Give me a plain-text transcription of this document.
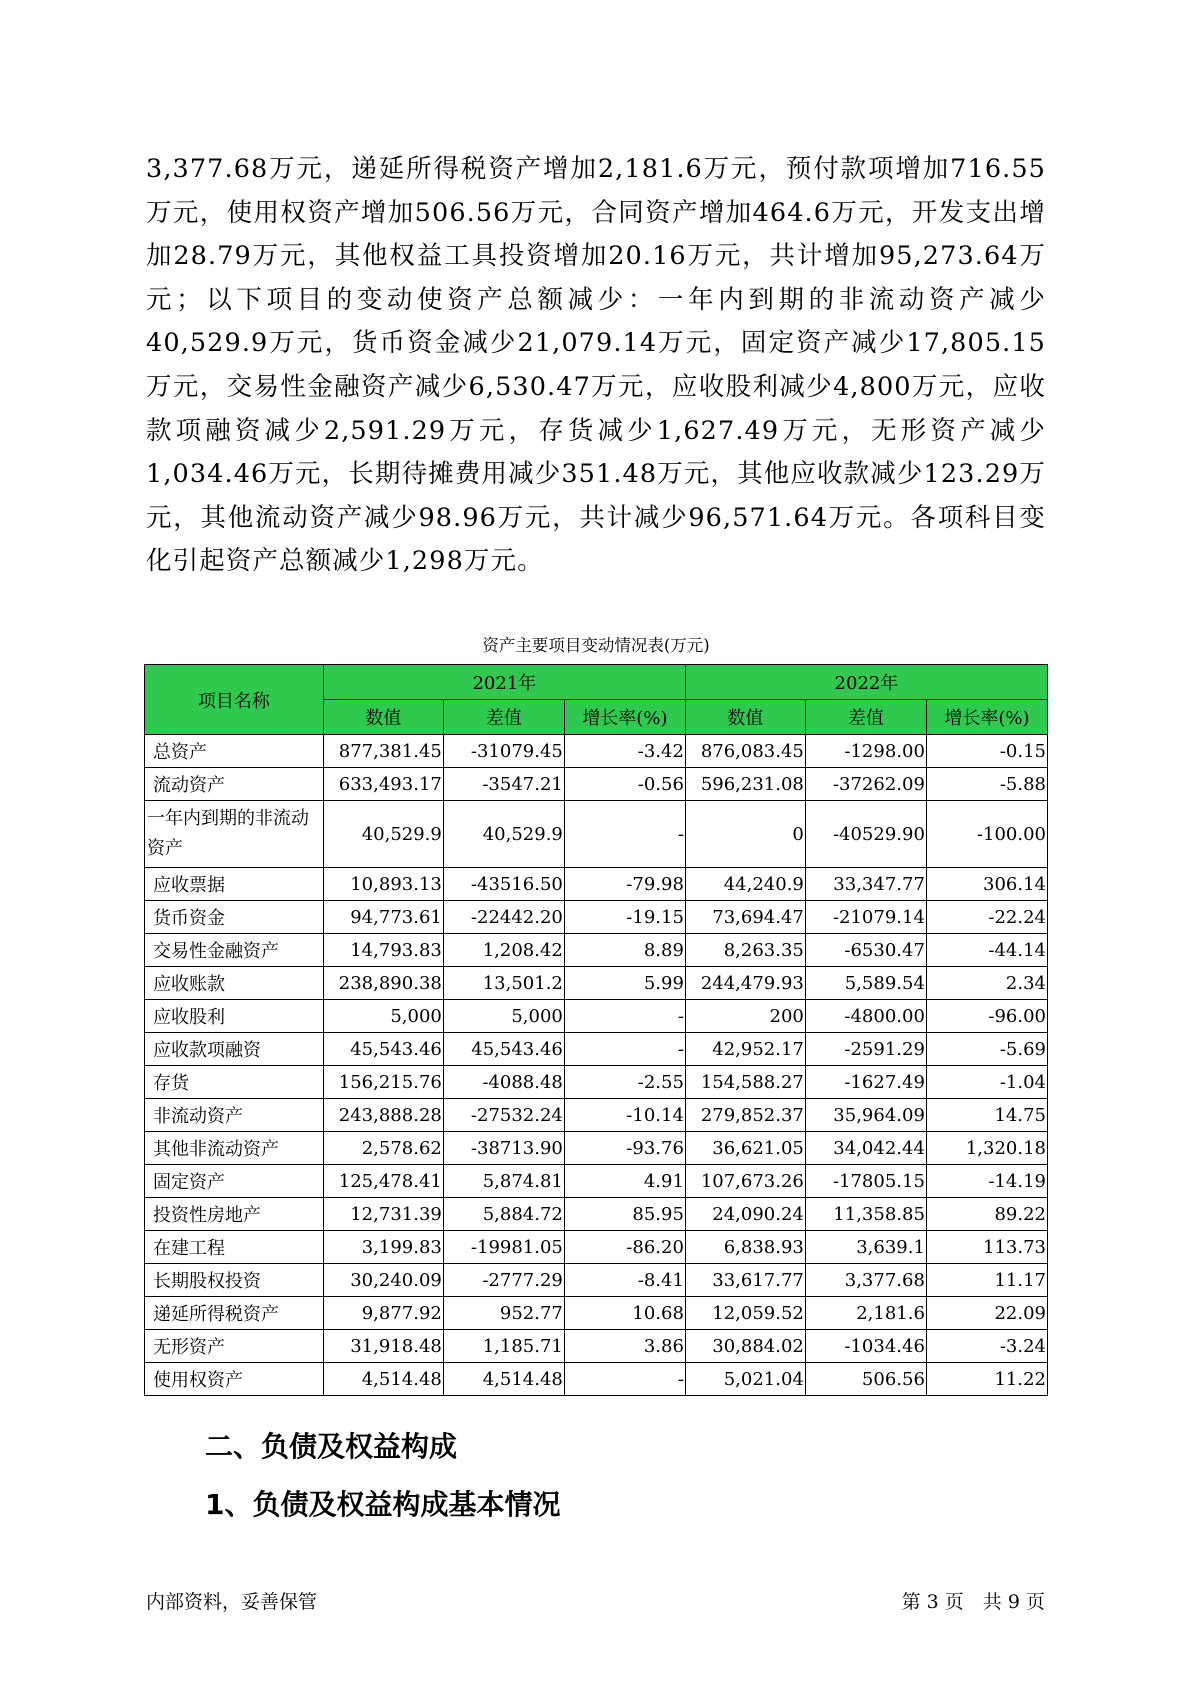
3,377.68万元，递延所得税资产增加2,181.6万元，预付款项增加716.55万元，使用权资产增加506.56万元，合同资产增加464.6万元，开发支出增加28.79万元，其他权益工具投资增加20.16万元，共计增加95,273.64万元；以下项目的变动使资产总额减少：一年内到期的非流动资产减少40,529.9万元，货币资金减少21,079.14万元，固定资产减少17,805.15万元，交易性金融资产减少6,530.47万元，应收股利减少4,800万元，应收款项融资减少2,591.29万元，存货减少1,627.49万元，无形资产减少1,034.46万元，长期待摊费用减少351.48万元，其他应收款减少123.29万元，其他流动资产减少98.96万元，共计减少96,571.64万元。各项科目变化引起资产总额减少1,298万元。

资产主要项目变动情况表(万元)

项目名称	2021年			2022年		
	数值	差值	增长率(%)	数值	差值	增长率(%)
总资产	877,381.45	-31079.45	-3.42	876,083.45	-1298.00	-0.15
流动资产	633,493.17	-3547.21	-0.56	596,231.08	-37262.09	-5.88
一年内到期的非流动资产	40,529.9	40,529.9	-	0	-40529.90	-100.00
应收票据	10,893.13	-43516.50	-79.98	44,240.9	33,347.77	306.14
货币资金	94,773.61	-22442.20	-19.15	73,694.47	-21079.14	-22.24
交易性金融资产	14,793.83	1,208.42	8.89	8,263.35	-6530.47	-44.14
应收账款	238,890.38	13,501.2	5.99	244,479.93	5,589.54	2.34
应收股利	5,000	5,000	-	200	-4800.00	-96.00
应收款项融资	45,543.46	45,543.46	-	42,952.17	-2591.29	-5.69
存货	156,215.76	-4088.48	-2.55	154,588.27	-1627.49	-1.04
非流动资产	243,888.28	-27532.24	-10.14	279,852.37	35,964.09	14.75
其他非流动资产	2,578.62	-38713.90	-93.76	36,621.05	34,042.44	1,320.18
固定资产	125,478.41	5,874.81	4.91	107,673.26	-17805.15	-14.19
投资性房地产	12,731.39	5,884.72	85.95	24,090.24	11,358.85	89.22
在建工程	3,199.83	-19981.05	-86.20	6,838.93	3,639.1	113.73
长期股权投资	30,240.09	-2777.29	-8.41	33,617.77	3,377.68	11.17
递延所得税资产	9,877.92	952.77	10.68	12,059.52	2,181.6	22.09
无形资产	31,918.48	1,185.71	3.86	30,884.02	-1034.46	-3.24
使用权资产	4,514.48	4,514.48	-	5,021.04	506.56	11.22
二、负债及权益构成
1、负债及权益构成基本情况

内部资料，妥善保管	第 3 页　共 9 页
